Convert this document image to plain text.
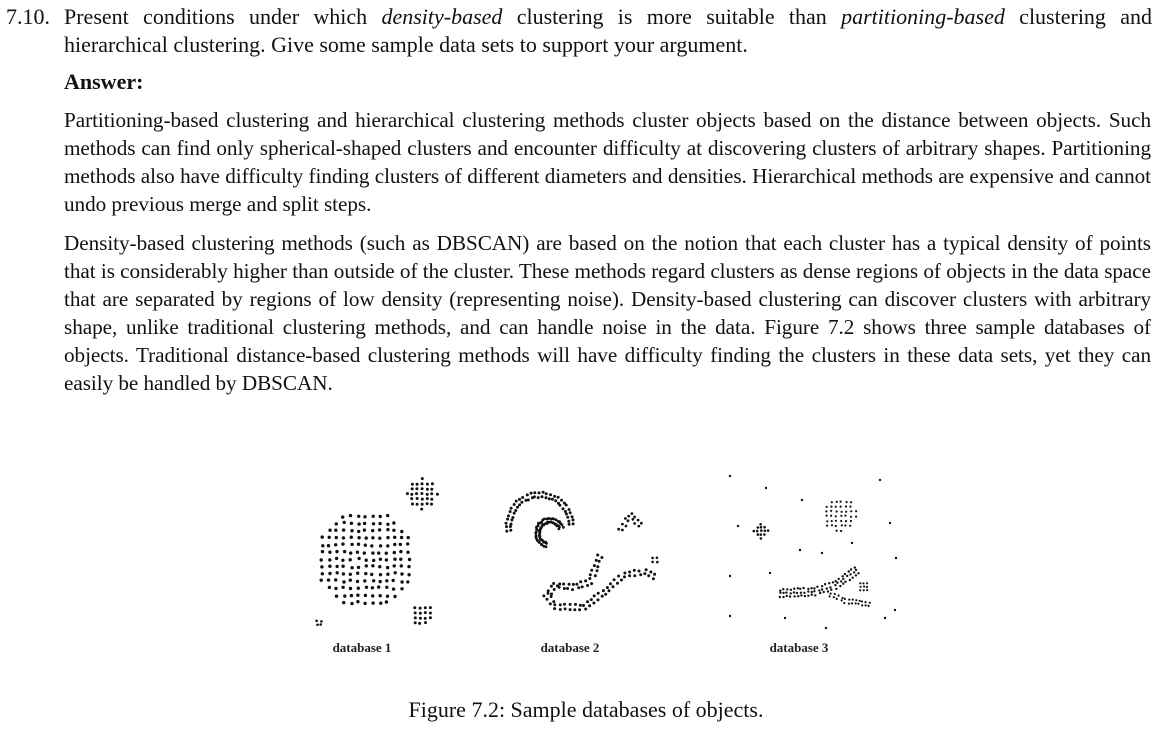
7.10. Present conditions under which density-based clustering is more suitable than partitioning-based clustering and hierarchical clustering. Give some sample data sets to support your argument.
Answer:

Partitioning-based clustering and hierarchical clustering methods cluster objects based on the distance between objects. Such methods can find only spherical-shaped clusters and encounter difficulty at discovering clusters of arbitrary shapes. Partitioning methods also have difficulty finding clusters of different diameters and densities. Hierarchical methods are expensive and cannot undo previous merge and split steps.

Density-based clustering methods (such as DBSCAN) are based on the notion that each cluster has a typical density of points that is considerably higher than outside of the cluster. These methods regard clusters as dense regions of objects in the data space that are separated by regions of low density (representing noise). Density-based clustering can discover clusters with arbitrary shape, unlike traditional clustering methods, and can handle noise in the data. Figure 7.2 shows three sample databases of objects. Traditional distance-based clustering methods will have difficulty finding the clusters in these data sets, yet they can easily be handled by DBSCAN.

database 1	database 2	database 3
Figure 7.2: Sample databases of objects.
